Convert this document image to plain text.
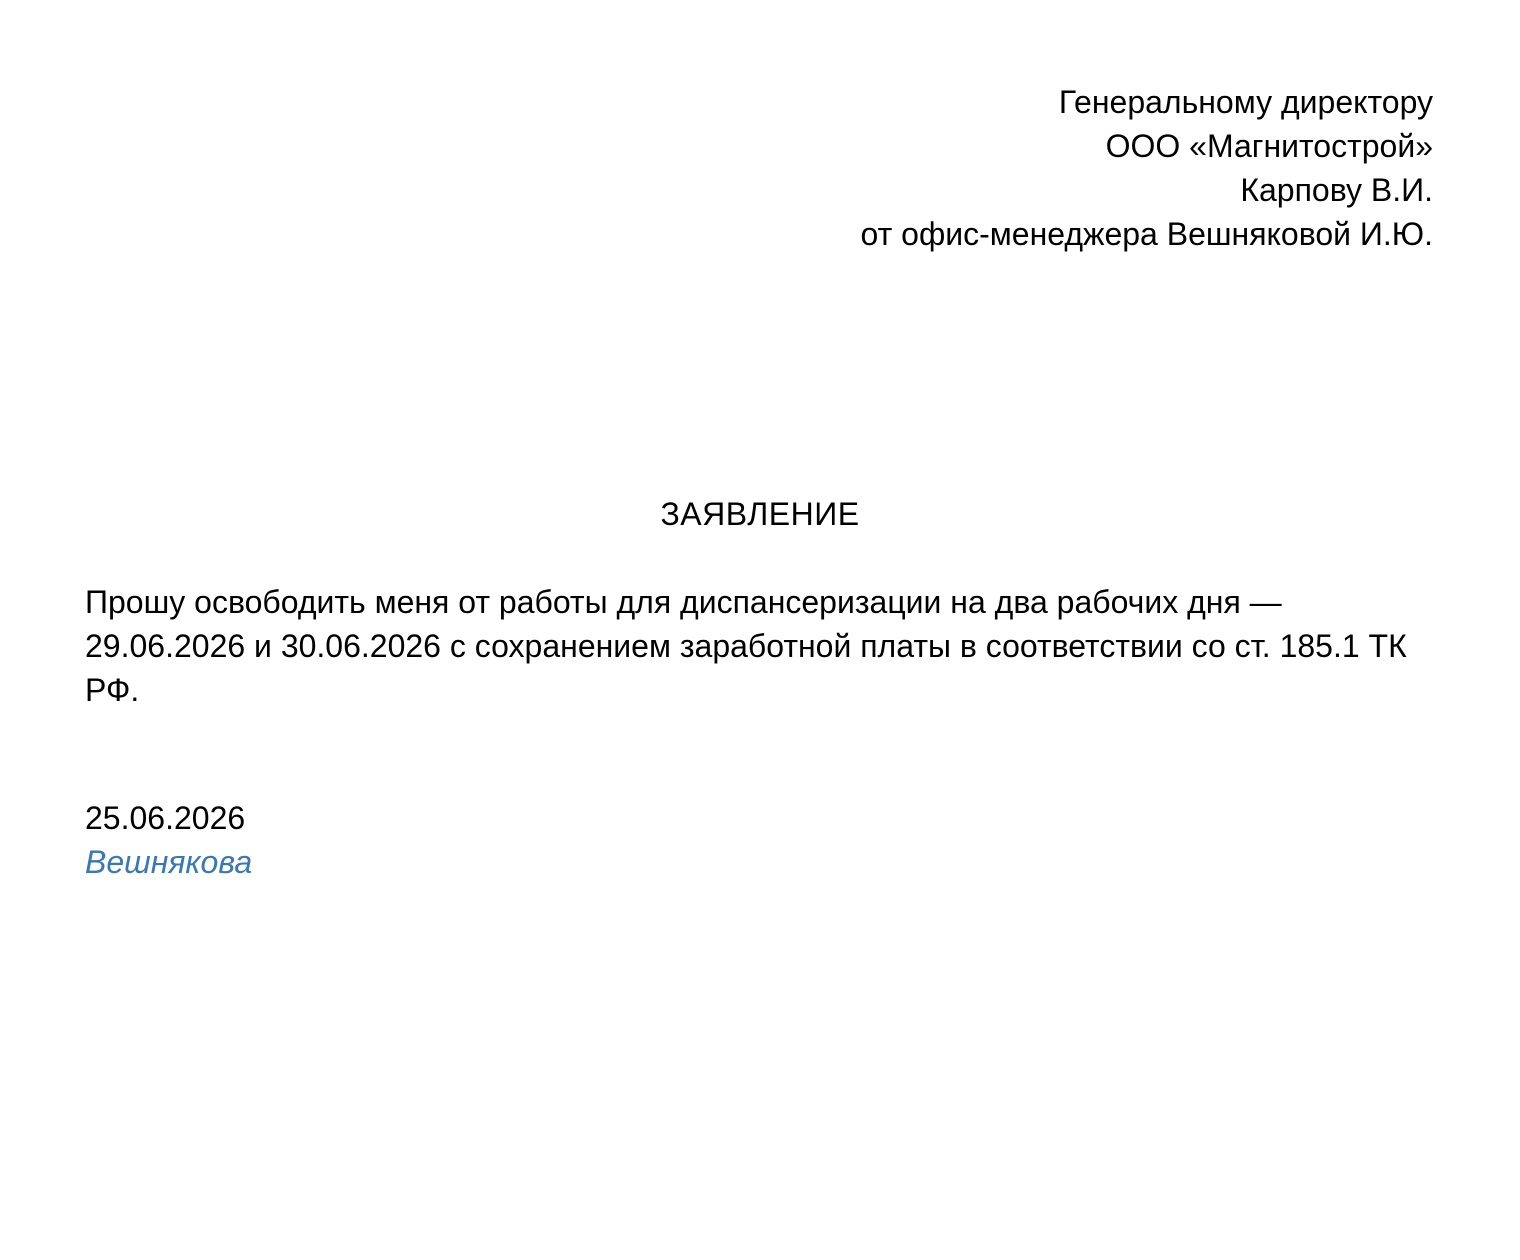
Генеральному директору
ООО «Магнитострой»
Карпову В.И.
от офис-менеджера Вешняковой И.Ю.
ЗАЯВЛЕНИЕ

Прошу освободить меня от работы для диспансеризации на два рабочих дня — 29.06.2026 и 30.06.2026 с сохранением заработной платы в соответствии со ст. 185.1 ТК РФ.

25.06.2026
Вешнякова
